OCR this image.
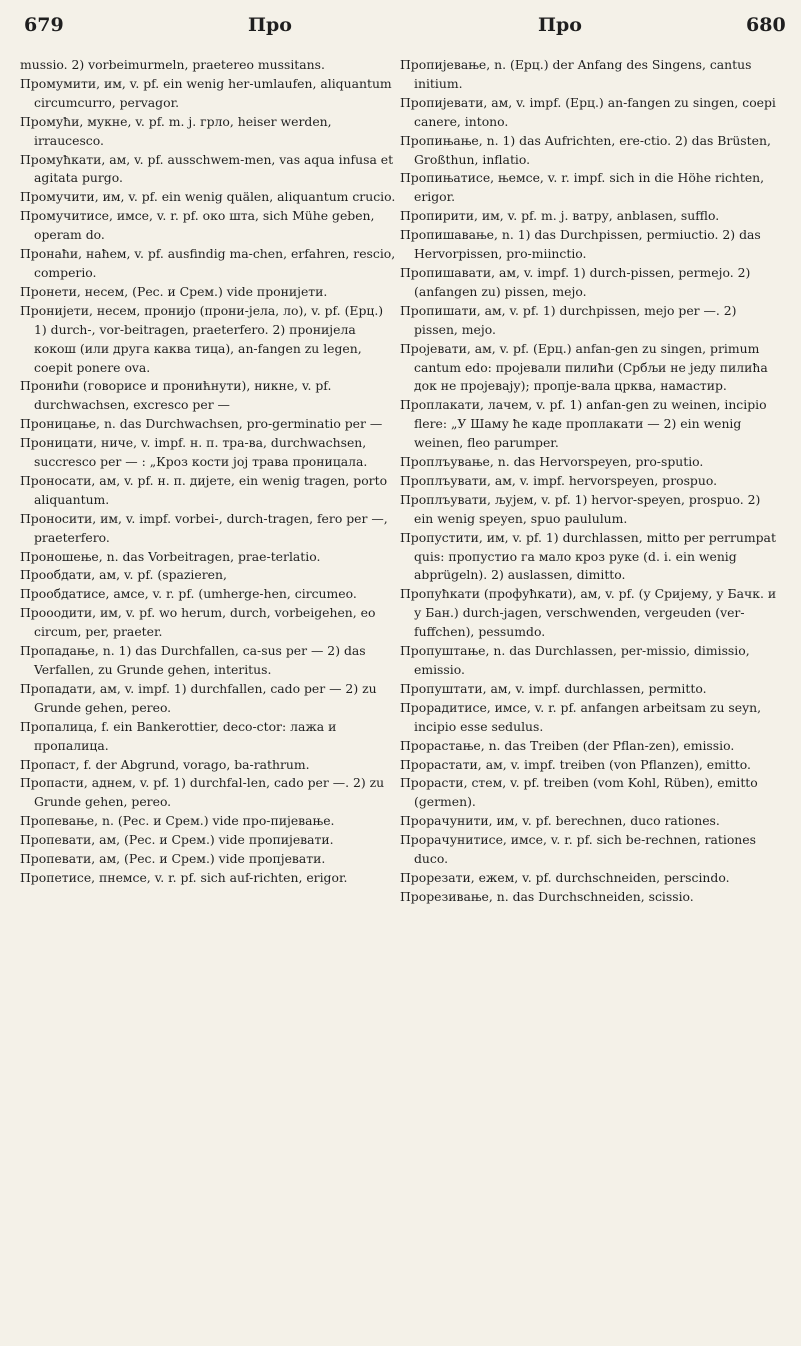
679	Про	Про	680

mussio. 2) vorbeimurmeln, praetereo mussitans.

Промумити, им, v. pf. ein wenig her-umlaufen, aliquantum circumcurro, pervagor.

Промуħи, мукне, v. pf. m. j. грло, heiser werden, irraucesco.

Промуħкати, ам, v. pf. ausschwem-men, vas aqua infusa et agitata purgo.

Промучити, им, v. pf. ein wenig quälen, aliquantum crucio.

Промучитисе, имсе, v. r. pf. око шта, sich Mühe geben, operam do.

Пронаħи, наħем, v. pf. ausfindig ma-chen, erfahren, rescio, comperio.

Пронети, несем, (Рес. и Срем.) vide пронијети.

Пронијети, несем, пронијо (прони-јела, ло), v. pf. (Ерц.) 1) durch-, vor-beitragen, praeterfero. 2) пронијела кокош (или друга каква тица), an-fangen zu legen, coepit ponere ova.

Прониħи (говорисе и пронићнути), никне, v. pf. durchwachsen, excresco per —

Проницање, n. das Durchwachsen, pro-germinatio per —

Проницати, ниче, v. impf. н. п. тра-ва, durchwachsen, succresco per — : „Кроз кости јој трава проницала.

Проносати, ам, v. pf. н. п. дијете, ein wenig tragen, porto aliquantum.

Проносити, им, v. impf. vorbei-, durch-tragen, fero per —, praeterfero.

Проношење, n. das Vorbeitragen, prae-terlatio.

Прообдати, ам, v. pf. (spazieren,

Прообдатисе, амсе, v. r. pf. (umherge-hen, circumeo.

Прооодити, им, v. pf. wo herum, durch, vorbeigehen, eo circum, per, praeter.

Пропадање, n. 1) das Durchfallen, ca-sus per — 2) das Verfallen, zu Grunde gehen, interitus.

Пропадати, ам, v. impf. 1) durchfallen, cado per — 2) zu Grunde gehen, pereo.

Пропалица, f. ein Bankerottier, deco-ctor: лажа и пропалица.

Пропаст, f. der Abgrund, vorago, ba-rathrum.

Пропасти, аднем, v. pf. 1) durchfal-len, cado per —. 2) zu Grunde gehen, pereo.

Пропевање, n. (Рес. и Срем.) vide про-пијевање.

Пропевати, ам, (Рес. и Срем.) vide пропијевати.

Пропевати, ам, (Рес. и Срем.) vide пропјевати.

Пропетисе, пнемсе, v. r. pf. sich auf-richten, erigor.

Пропијевање, n. (Ерц.) der Anfang des Singens, cantus initium.

Пропијевати, ам, v. impf. (Ерц.) an-fangen zu singen, coepi canere, intono.

Пропињање, n. 1) das Aufrichten, ere-ctio. 2) das Brüsten, Großthun, inflatio.

Пропињатисе, њемсе, v. r. impf. sich in die Höhe richten, erigor.

Пропирити, им, v. pf. m. j. ватру, anblasen, sufflo.

Пропишавање, n. 1) das Durchpissen, permiuctio. 2) das Hervorpissen, pro-miinctio.

Пропишавати, ам, v. impf. 1) durch-pissen, permejo. 2) (anfangen zu) pissen, mejo.

Пропишати, ам, v. pf. 1) durchpissen, mejo per —. 2) pissen, mejo.

Пројевати, ам, v. pf. (Ерц.) anfan-gen zu singen, primum cantum edo: пројевали пилиħи (Србљи не једу пилиħа док не пројевају); пропје-вала црква, намастир.

Проплакати, лачем, v. pf. 1) anfan-gen zu weinen, incipio flere: „У Шаму ħе каде проплакати — 2) ein wenig weinen, fleo parumper.

Проплъување, n. das Hervorspeyen, pro-sputio.

Проплъувати, ам, v. impf. hervorspeyen, prospuo.

Проплъувати, љујем, v. pf. 1) hervor-speyen, prospuo. 2) ein wenig speyen, spuo paululum.

Пропустити, им, v. pf. 1) durchlassen, mitto per perrumpat quis: пропустио га мало кроз руке (d. i. ein wenig abprügeln). 2) auslassen, dimitto.

Пропуħкати (профуħкати), ам, v. pf. (у Сријему, у Бачк. и у Бан.) durch-jagen, verschwenden, vergeuden (ver-fuffchen), pessumdo.

Пропуштање, n. das Durchlassen, per-missio, dimissio, emissio.

Пропуштати, ам, v. impf. durchlassen, permitto.

Прорадитисе, имсе, v. r. pf. anfangen arbeitsam zu seyn, incipio esse sedulus.

Прорастање, n. das Treiben (der Pflan-zen), emissio.

Прорастати, ам, v. impf. treiben (von Pflanzen), emitto.

Прорасти, стем, v. pf. treiben (vom Kohl, Rüben), emitto (germen).

Прорачунити, им, v. pf. berechnen, duco rationes.

Прорачунитисе, имсе, v. r. pf. sich be-rechnen, rationes duco.

Прорезати, ежем, v. pf. durchschneiden, perscindo.

Прорезивање, n. das Durchschneiden, scissio.
